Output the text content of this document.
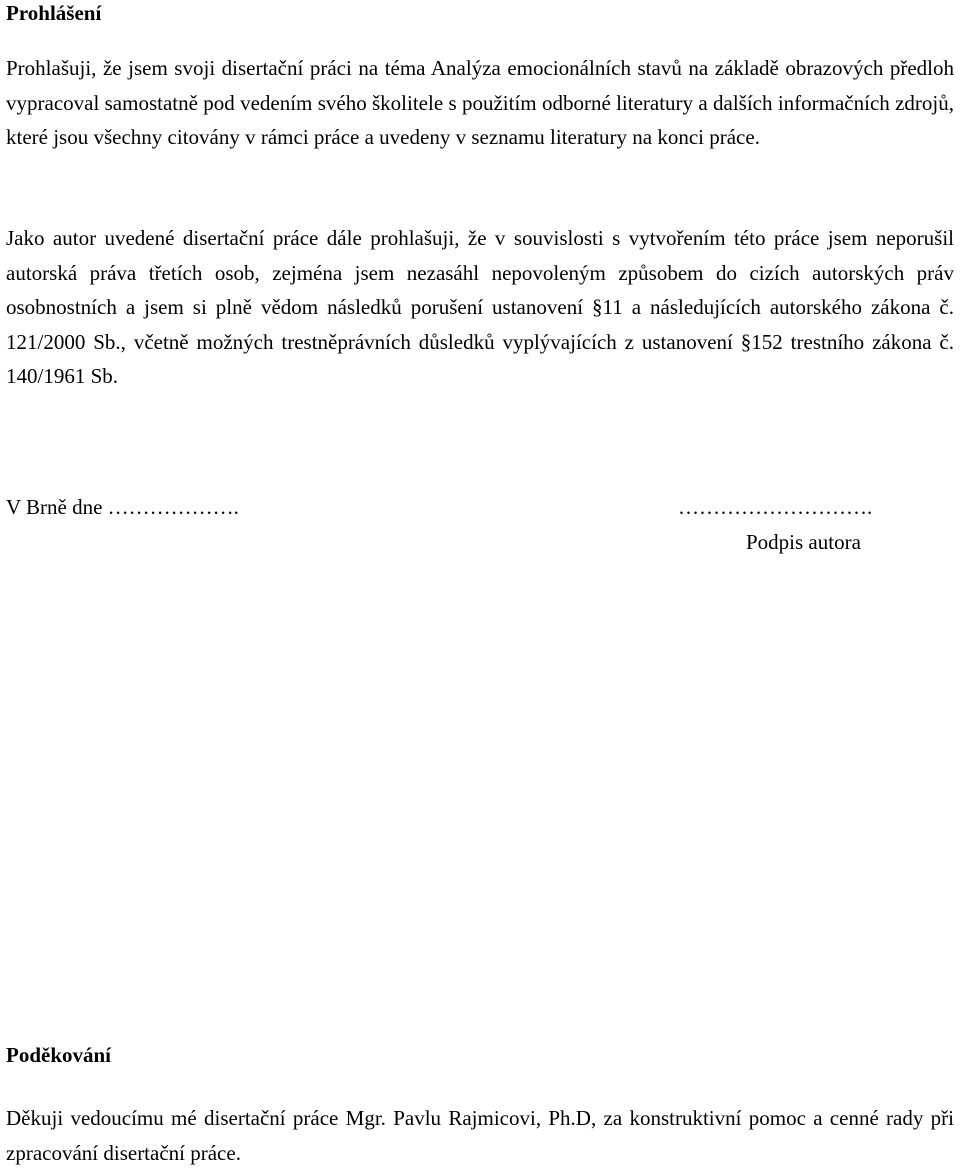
Prohlášení

Prohlašuji, že jsem svoji disertační práci na téma Analýza emocionálních stavů na základě obrazových předloh vypracoval samostatně pod vedením svého školitele s použitím odborné literatury a dalších informačních zdrojů, které jsou všechny citovány v rámci práce a uvedeny v seznamu literatury na konci práce.

Jako autor uvedené disertační práce dále prohlašuji, že v souvislosti s vytvořením této práce jsem neporušil autorská práva třetích osob, zejména jsem nezasáhl nepovoleným způsobem do cizích autorských práv osobnostních a jsem si plně vědom následků porušení ustanovení §11 a následujících autorského zákona č. 121/2000 Sb., včetně možných trestněprávních důsledků vyplývajících z ustanovení §152 trestního zákona č. 140/1961 Sb.

V Brně dne ……………….	……………………….
Podpis autora
Poděkování

Děkuji vedoucímu mé disertační práce Mgr. Pavlu Rajmicovi, Ph.D, za konstruktivní pomoc a cenné rady při zpracování disertační práce.
